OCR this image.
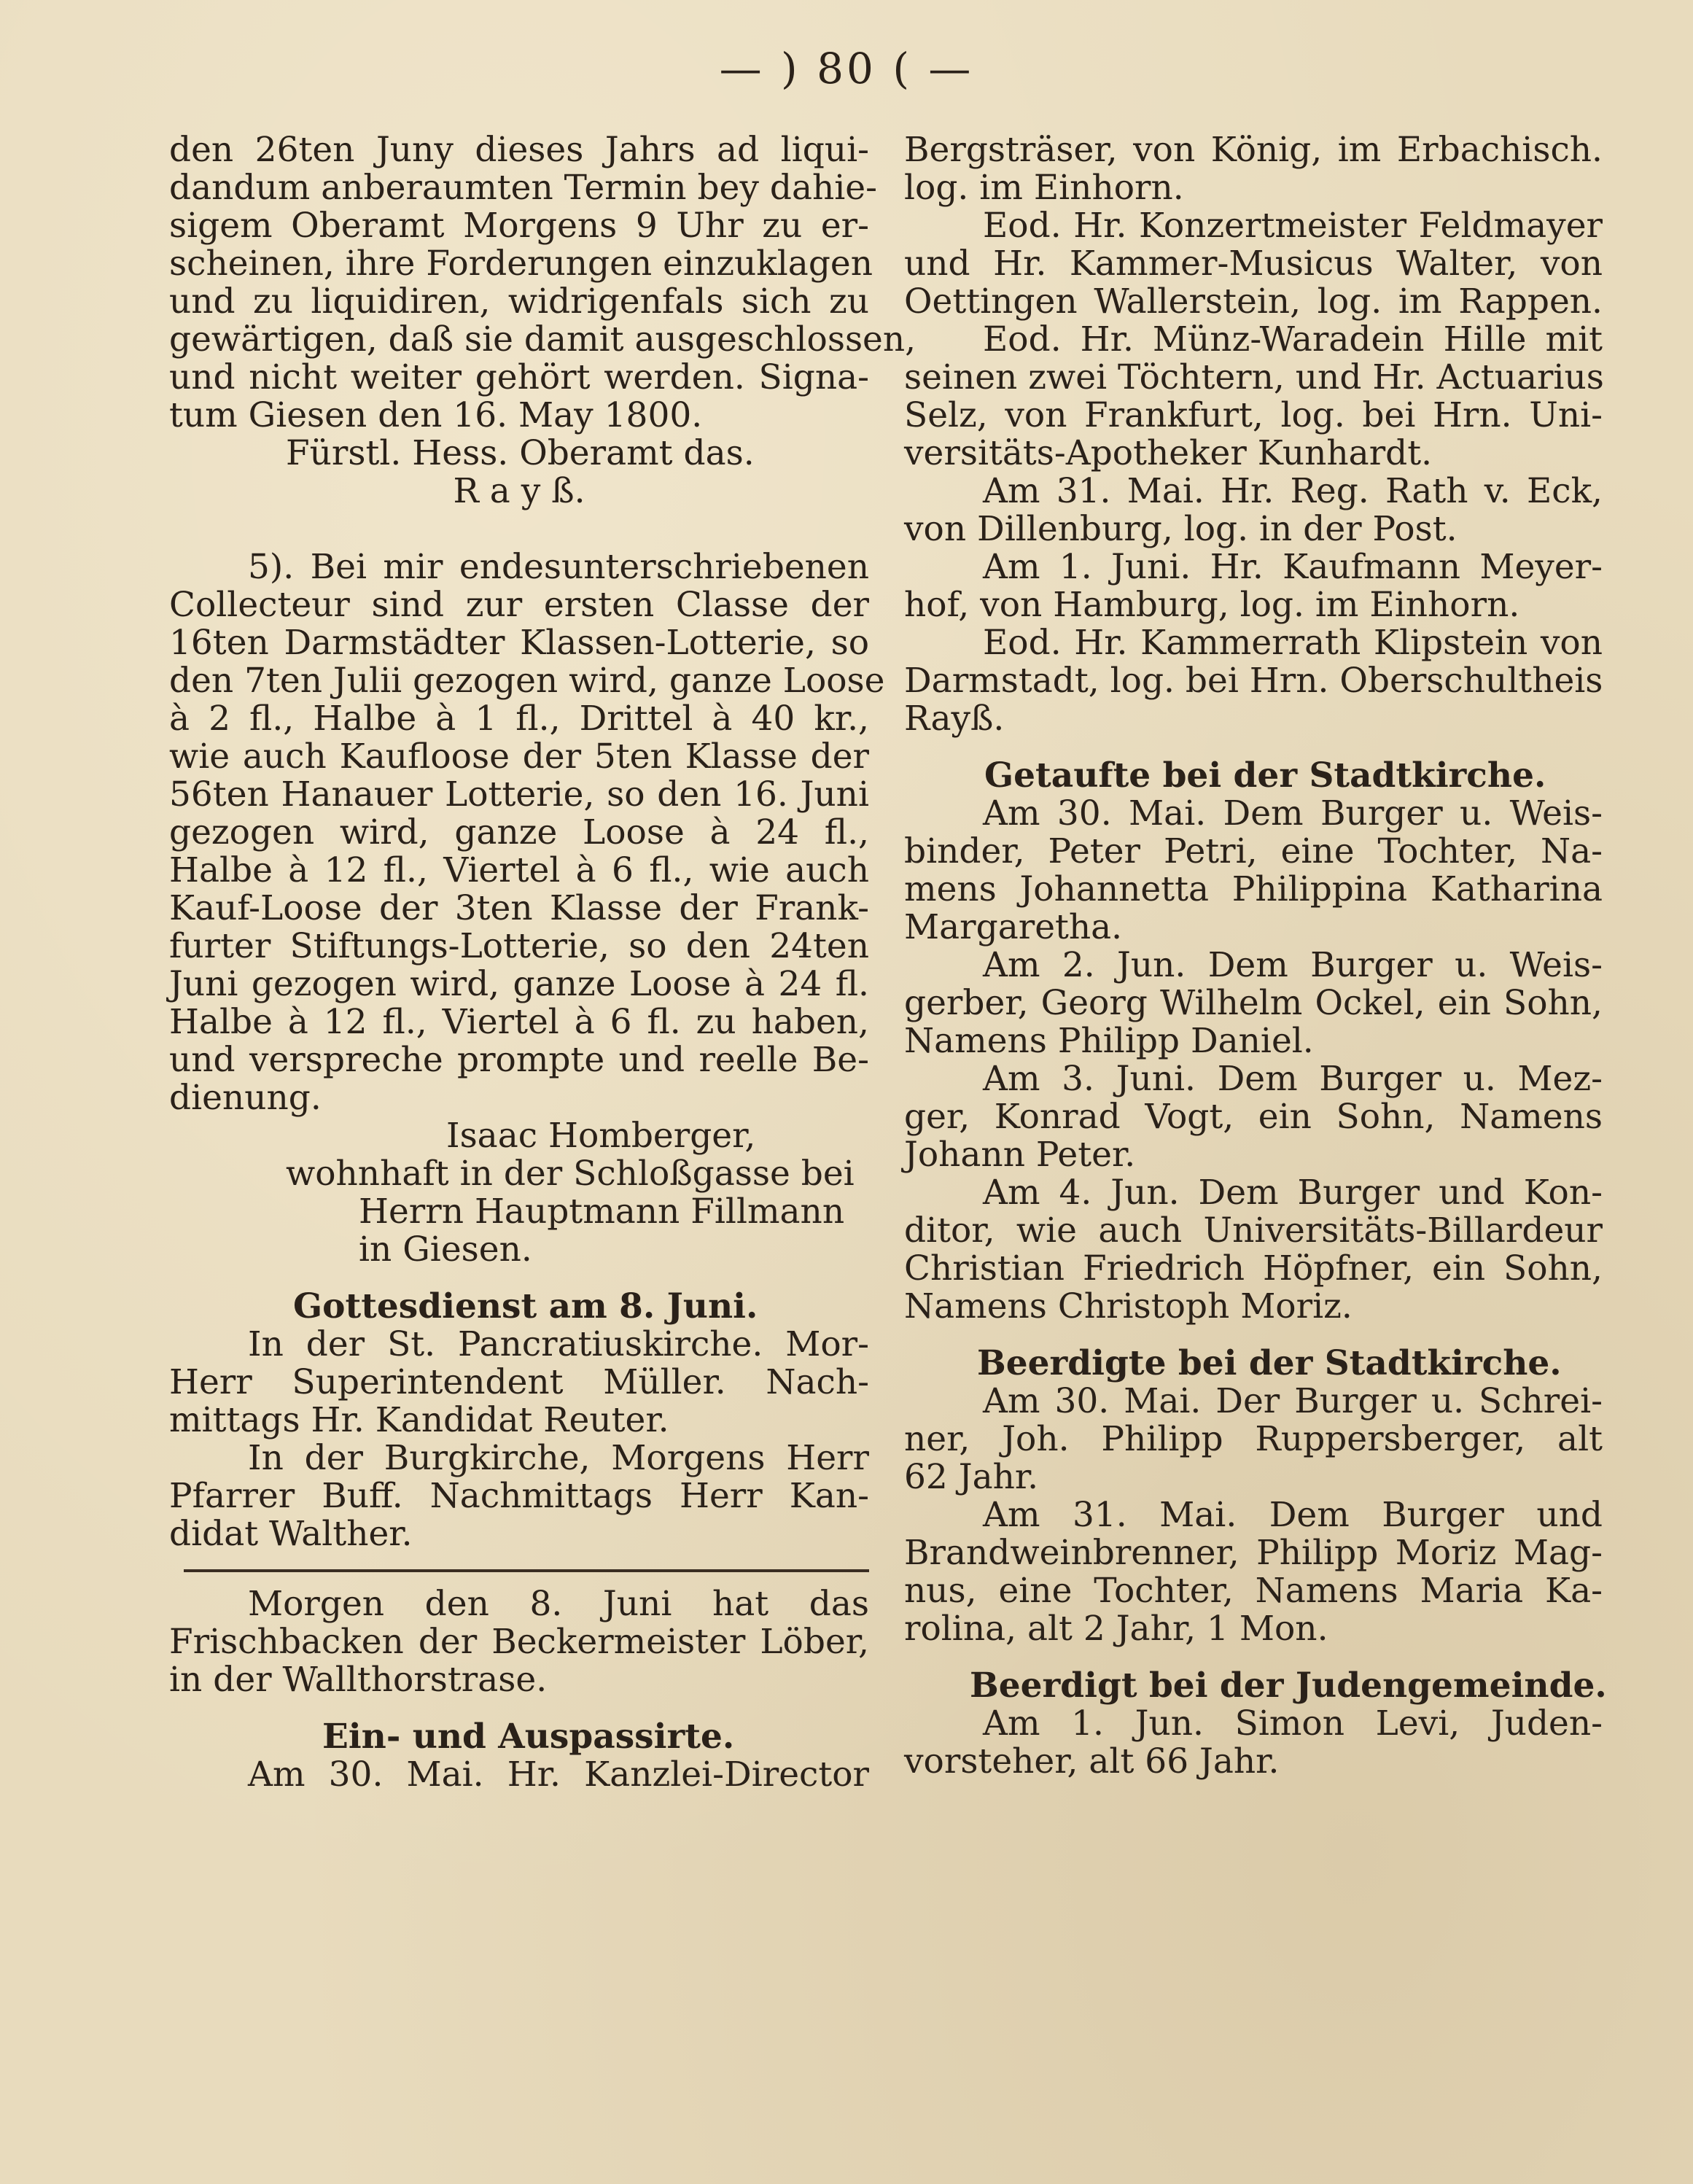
— ) 80 ( —
den 26ten Juny dieses Jahrs ad liqui-
dandum anberaumten Termin bey dahie-
sigem Oberamt Morgens 9 Uhr zu er-
scheinen, ihre Forderungen einzuklagen
und zu liquidiren, widrigenfals sich zu
gewärtigen, daß sie damit ausgeschlossen,
und nicht weiter gehört werden. Signa-
tum Giesen den 16. May 1800.
Fürstl. Hess. Oberamt das.
R a y ß.
5). Bei mir endesunterschriebenen
Collecteur sind zur ersten Classe der
16ten Darmstädter Klassen-Lotterie, so
den 7ten Julii gezogen wird, ganze Loose
à 2 fl., Halbe à 1 fl., Drittel à 40 kr.,
wie auch Kaufloose der 5ten Klasse der
56ten Hanauer Lotterie, so den 16. Juni
gezogen wird, ganze Loose à 24 fl.,
Halbe à 12 fl., Viertel à 6 fl., wie auch
Kauf-Loose der 3ten Klasse der Frank-
furter Stiftungs-Lotterie, so den 24ten
Juni gezogen wird, ganze Loose à 24 fl.
Halbe à 12 fl., Viertel à 6 fl. zu haben,
und verspreche prompte und reelle Be-
dienung.
Isaac Homberger,
wohnhaft in der Schloßgasse bei
Herrn Hauptmann Fillmann
in Giesen.
Gottesdienst am 8. Juni.
In der St. Pancratiuskirche. Mor-
Herr Superintendent Müller. Nach-
mittags Hr. Kandidat Reuter.
In der Burgkirche, Morgens Herr
Pfarrer Buff. Nachmittags Herr Kan-
didat Walther.
Morgen den 8. Juni hat das
Frischbacken der Beckermeister Löber,
in der Wallthorstrase.
Ein- und Auspassirte.
Am 30. Mai. Hr. Kanzlei-Director
Bergsträser, von König, im Erbachisch.
log. im Einhorn.
Eod. Hr. Konzertmeister Feldmayer
und Hr. Kammer-Musicus Walter, von
Oettingen Wallerstein, log. im Rappen.
Eod. Hr. Münz-Waradein Hille mit
seinen zwei Töchtern, und Hr. Actuarius
Selz, von Frankfurt, log. bei Hrn. Uni-
versitäts-Apotheker Kunhardt.
Am 31. Mai. Hr. Reg. Rath v. Eck,
von Dillenburg, log. in der Post.
Am 1. Juni. Hr. Kaufmann Meyer-
hof, von Hamburg, log. im Einhorn.
Eod. Hr. Kammerrath Klipstein von
Darmstadt, log. bei Hrn. Oberschultheis
Rayß.
Getaufte bei der Stadtkirche.
Am 30. Mai. Dem Burger u. Weis-
binder, Peter Petri, eine Tochter, Na-
mens Johannetta Philippina Katharina
Margaretha.
Am 2. Jun. Dem Burger u. Weis-
gerber, Georg Wilhelm Ockel, ein Sohn,
Namens Philipp Daniel.
Am 3. Juni. Dem Burger u. Mez-
ger, Konrad Vogt, ein Sohn, Namens
Johann Peter.
Am 4. Jun. Dem Burger und Kon-
ditor, wie auch Universitäts-Billardeur
Christian Friedrich Höpfner, ein Sohn,
Namens Christoph Moriz.
Beerdigte bei der Stadtkirche.
Am 30. Mai. Der Burger u. Schrei-
ner, Joh. Philipp Ruppersberger, alt
62 Jahr.
Am 31. Mai. Dem Burger und
Brandweinbrenner, Philipp Moriz Mag-
nus, eine Tochter, Namens Maria Ka-
rolina, alt 2 Jahr, 1 Mon.
Beerdigt bei der Judengemeinde.
Am 1. Jun. Simon Levi, Juden-
vorsteher, alt 66 Jahr.
